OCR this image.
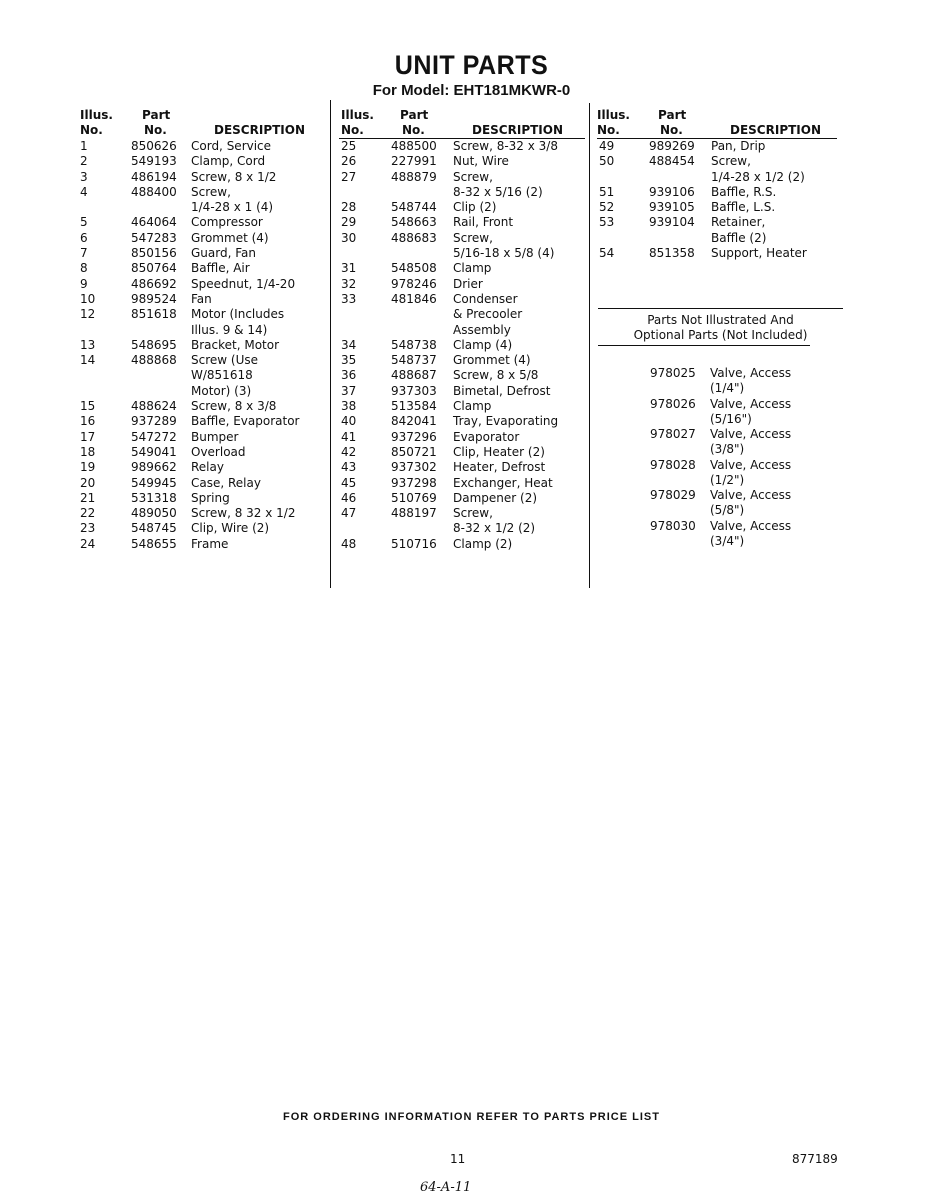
UNIT PARTS
For Model: EHT181MKWR-0
Illus.
No.
Part
No.	DESCRIPTION
1	850626 Cord, Service
2	549193 Clamp, Cord
3	486194 Screw, 8 x 1/2
4	488400 Screw,
1/4-28 x 1 (4)
5	464064 Compressor
6	547283 Grommet (4)
7	850156 Guard, Fan
8	850764 Baffle, Air
9	486692 Speednut, 1/4-20
10	989524 Fan
12	851618 Motor (Includes
Illus. 9 & 14)
13	548695 Bracket, Motor
14	488868 Screw (Use
W/851618
Motor) (3)
15	488624 Screw, 8 x 3/8
16	937289 Baffle, Evaporator
17	547272 Bumper
18	549041 Overload
19	989662 Relay
20	549945 Case, Relay
21	531318 Spring
22	489050 Screw, 8 32 x 1/2
23	548745 Clip, Wire (2)
24	548655 Frame
Illus.
No.
Part
No.	DESCRIPTION
25	488500 Screw, 8-32 x 3/8
26	227991 Nut, Wire
27	488879 Screw,
8-32 x 5/16 (2)
28	548744 Clip (2)
29	548663 Rail, Front
30	488683 Screw,
5/16-18 x 5/8 (4)
31	548508 Clamp
32	978246 Drier
33	481846 Condenser
& Precooler
Assembly
34	548738 Clamp (4)
35	548737 Grommet (4)
36	488687 Screw, 8 x 5/8
37	937303 Bimetal, Defrost
38	513584 Clamp
40	842041 Tray, Evaporating
41	937296 Evaporator
42	850721 Clip, Heater (2)
43	937302 Heater, Defrost
45	937298 Exchanger, Heat
46	510769 Dampener (2)
47	488197 Screw,
8-32 x 1/2 (2)
48	510716 Clamp (2)
Illus.
No.
Part
No.	DESCRIPTION
49	989269 Pan, Drip
50	488454 Screw,
1/4-28 x 1/2 (2)
51	939106 Baffle, R.S.
52	939105 Baffle, L.S.
53	939104 Retainer,
Baffle (2)
54	851358 Support, Heater
Parts Not Illustrated And
Optional Parts (Not Included)
978025 Valve, Access
(1/4")
978026 Valve, Access
(5/16")
978027 Valve, Access
(3/8")
978028 Valve, Access
(1/2")
978029 Valve, Access
(5/8")
978030 Valve, Access
(3/4")
FOR ORDERING INFORMATION REFER TO PARTS PRICE LIST
11	877189
64-A-11
